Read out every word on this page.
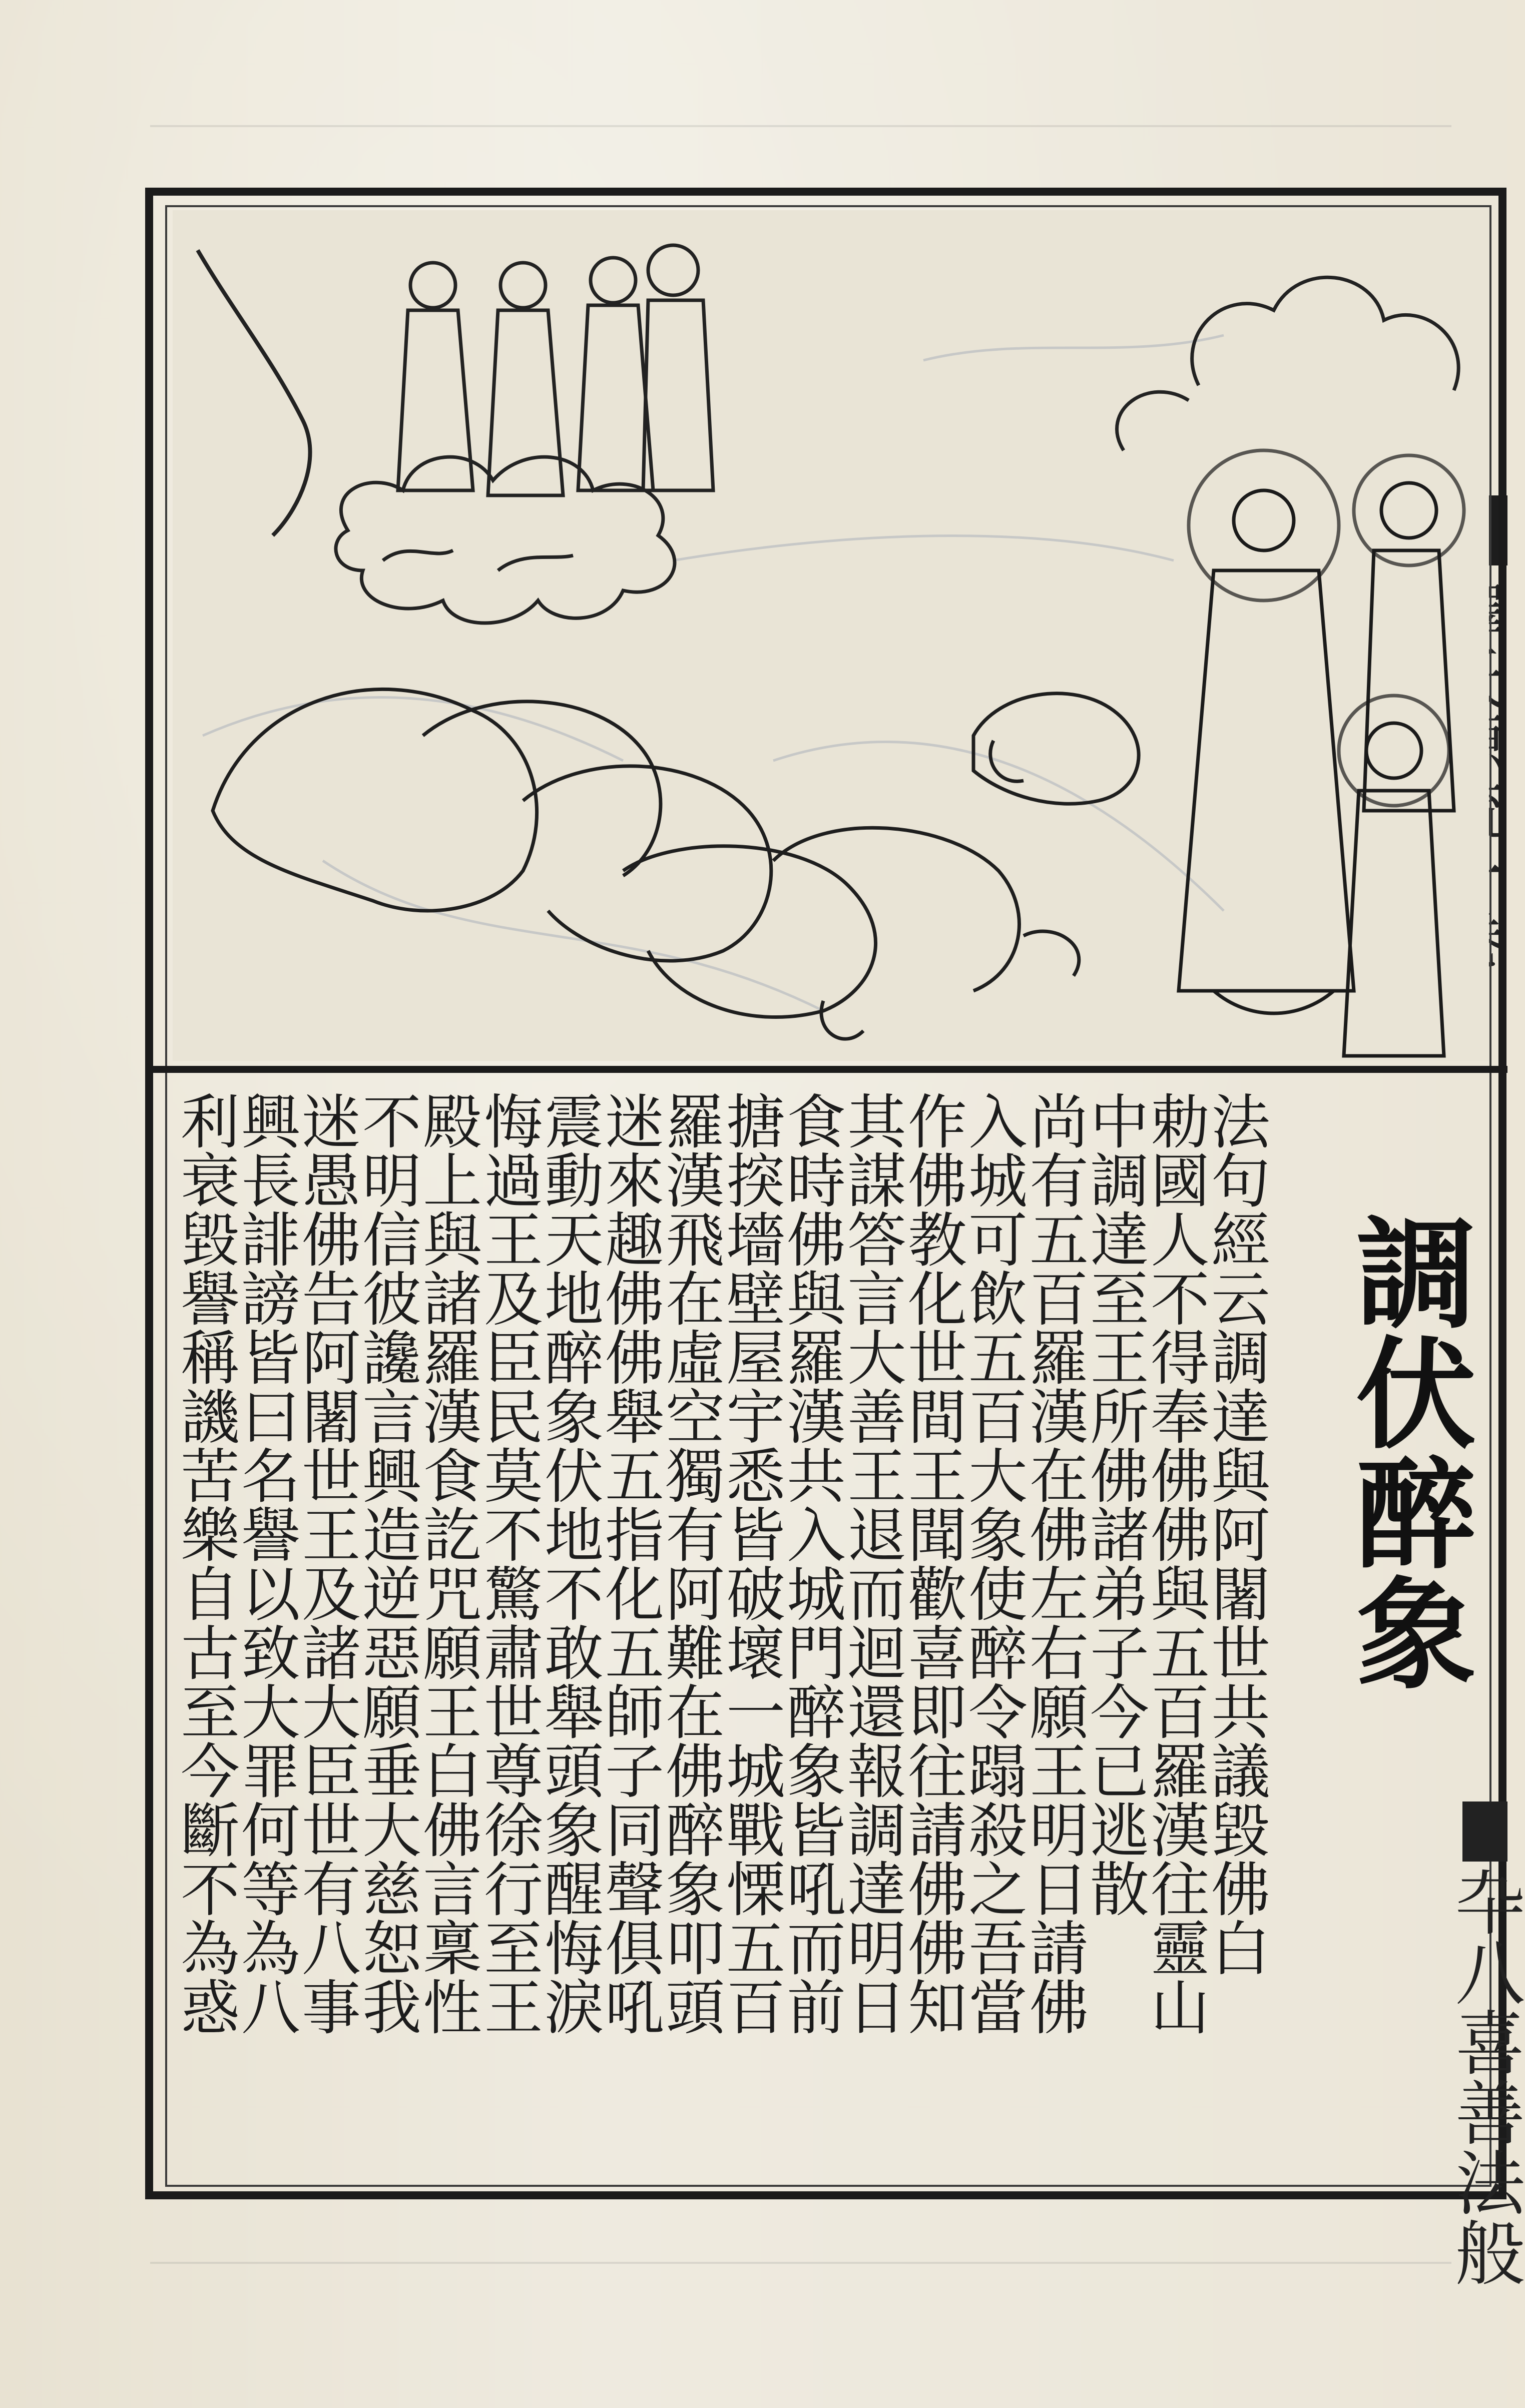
調伏醉象
卆八喜善法般
法句經云調達與阿闍世共議毀佛白
勅國人不得奉佛佛與五百羅漢往靈山
中調達至王所佛諸弟子今已逃散
尚有五百羅漢在佛左右願王明日請佛
入城可飲五百大象使醉令蹋殺之吾當
作佛教化世間王聞歡喜即往請佛佛知
其謀答言大善王退而迴還報調達明日
食時佛與羅漢共入城門醉象皆吼而前
搪揬墻壁屋宇悉皆破壞一城戰慄五百
羅漢飛在虛空獨有阿難在佛醉象叩頭
迷來趣佛佛舉五指化五師子同聲俱吼
震動天地醉象伏地不敢舉頭象醒悔淚
悔過王及臣民莫不驚肅世尊徐行至王
殿上與諸羅漢食訖咒願王白佛言稟性
不明信彼讒言興造逆惡願垂大慈恕我
迷愚佛告阿闍世王及諸大臣世有八事
興長誹謗皆曰名譽以致大罪何等為八
利衰毀譽稱譏苦樂自古至今斷不為惑
